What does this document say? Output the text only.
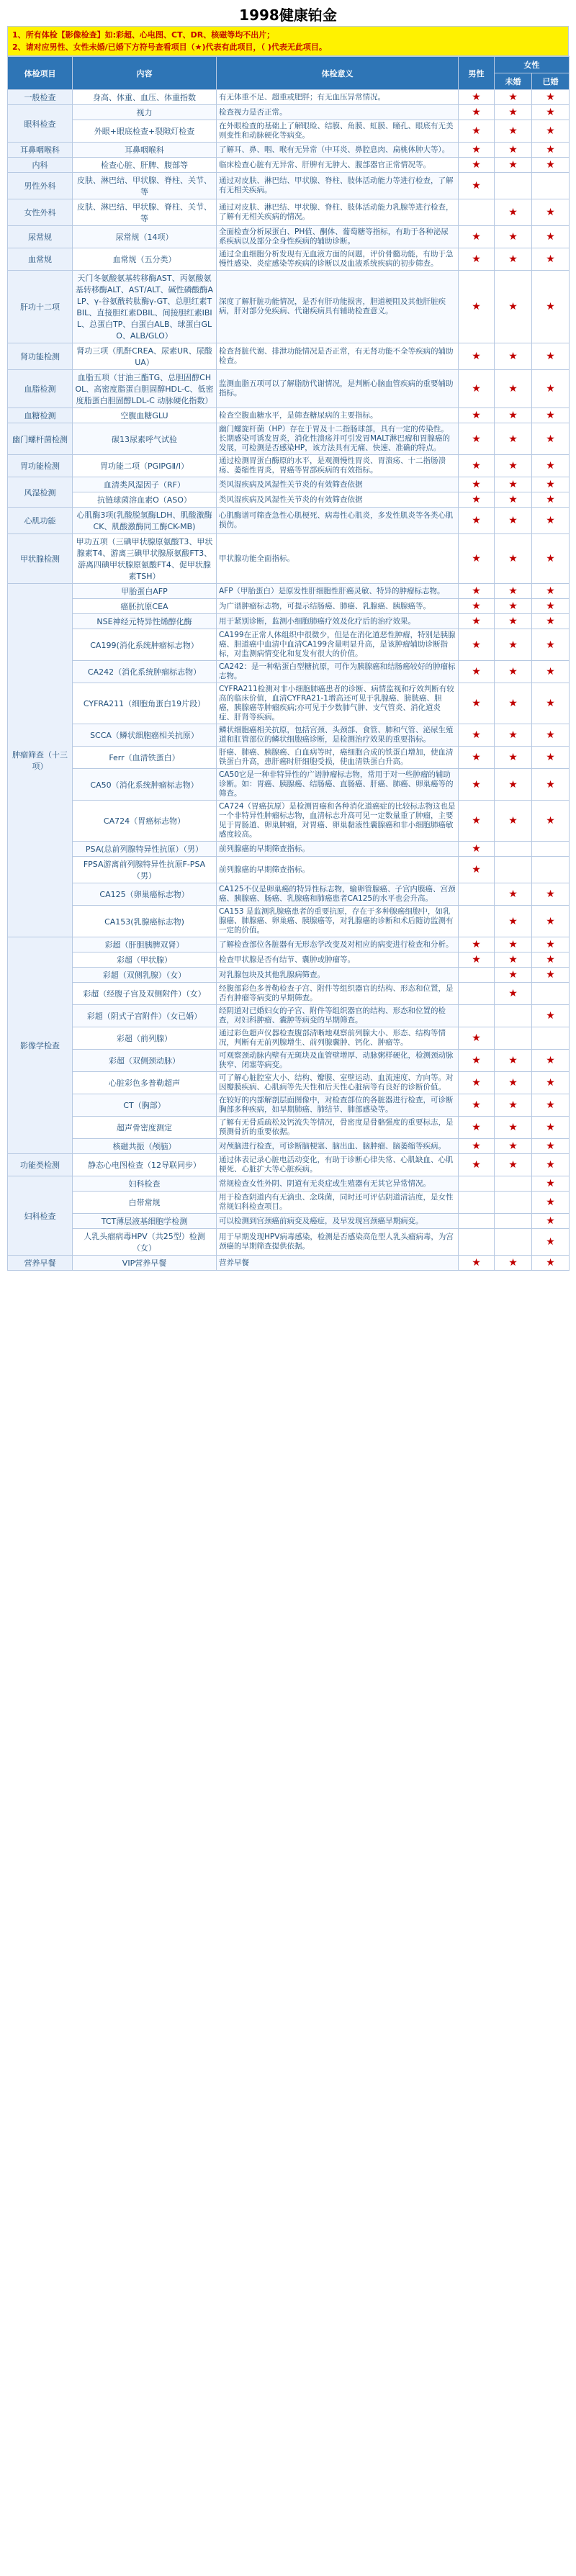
1998健康铂金
1、所有体检【影像检查】如:彩超、心电图、CT、DR、核磁等均不出片；
2、请对应男性、女性未婚/已婚下方符号查看项目（★)代表有此项目，（ )代表无此项目。
体检项目	内容	体检意义	男性	女性	
				未婚	已婚
一般检查	身高、体重、血压、体重指数	有无体重不足、超重或肥胖；有无血压异常情况。	★	★	★
眼科检查	视力	检查视力是否正常。	★	★	★
	外眼+眼底检查+裂隙灯检查	在外眼检查的基础上了解眼睑、结膜、角膜、虹膜、瞳孔、眼底有无美则变性和动脉硬化等病变。	★	★	★
耳鼻咽喉科	耳鼻咽喉科	了解耳、鼻、咽、喉有无异常（中耳炎、鼻腔息肉、扁桃体肿大等）。	★	★	★
内科	检查心脏、肝脾、腹部等	临床检查心脏有无异常、肝脾有无肿大、腹部器官正常情况等。	★	★	★
男性外科	皮肤、淋巴结、甲状腺、脊柱、关节、等	通过对皮肤、淋巴结、甲状腺、脊柱、肢体活动能力等进行检查，了解有无相关疾病。	★		
女性外科	皮肤、淋巴结、甲状腺、脊柱、关节、等	通过对皮肤、淋巴结、甲状腺、脊柱、肢体活动能力乳腺等进行检查，了解有无相关疾病的情况。		★	★
尿常规	尿常规（14项）	全面检查分析尿蛋白、PH值、酮体、葡萄糖等指标，有助于各种泌尿系疾病以及部分全身性疾病的辅助诊断。	★	★	★
血常规	血常规（五分类）	通过全血细胞分析发现有无血液方面的问题，评价骨髓功能，有助于急慢性感染、炎症感染等疾病的诊断以及血液系统疾病的初步筛查。	★	★	★
肝功十二项	天门冬氨酸氨基转移酶AST、丙氨酸氨基转移酶ALT、AST/ALT、碱性磷酸酶ALP、γ-谷氨酰转肽酶γ-GT、总胆红素TBIL、直接胆红素DBIL、间接胆红素IBIL、总蛋白TP、白蛋白ALB、球蛋白GLO、ALB/GLO）	深度了解肝脏功能情况，是否有肝功能损害，胆道梗阻及其他肝脏疾病，肝对部分免疾病、代谢疾病具有辅助检查意义。	★	★	★
肾功能检测	肾功三项（肌酐CREA、尿素UR、尿酸UA）	检查肾脏代谢、排泄功能情况是否正常，有无肾功能不全等疾病的辅助检查。	★	★	★
血脂检测	血脂五项（甘油三酯TG、总胆固醇CHOL、高密度脂蛋白胆固醇HDL-C、低密度脂蛋白胆固醇LDL-C 动脉硬化指数）	监测血脂五项可以了解脂肪代谢情况，是判断心脑血管疾病的重要辅助指标。	★	★	★
血糖检测	空腹血糖GLU	检查空腹血糖水平，是筛查糖尿病的主要指标。	★	★	★
幽门螺杆菌检测	碳13尿素呼气试验	幽门螺旋杆菌（HP）存在于胃及十二指肠球部，具有一定的传染性。长期感染可诱发胃炎，消化性溃疡并可引发胃MALT淋巴瘤和胃腺癌的发展，可检测是否感染HP，该方法具有无痛、快速、准确的特点。	★	★	★
胃功能检测	胃功能二项（PGⅠPGⅡ/Ⅰ）	通过检测胃蛋白酶原的水平，是观测慢性胃炎、胃溃疡、十二指肠溃疡、萎缩性胃炎，胃癌等胃部疾病的有效指标。	★	★	★
风湿检测	血清类风湿因子（RF）	类风湿疾病及风湿性关节炎的有效筛查依据	★	★	★
	抗链球菌溶血素O（ASO）	类风湿疾病及风湿性关节炎的有效筛查依据	★	★	★
心肌功能	心肌酶3项(乳酸脱氢酶LDH、肌酸激酶CK、肌酸激酶同工酶CK-MB)	心肌酶谱可筛查急性心肌梗死、病毒性心肌炎，多发性肌炎等各类心肌损伤。	★	★	★
甲状腺检测	甲功五项（三碘甲状腺原氨酸T3、甲状腺素T4、游离三碘甲状腺原氨酸FT3、游离四碘甲状腺原氨酸FT4、促甲状腺素TSH）	甲状腺功能全面指标。	★	★	★
肿瘤筛查（十三项）	甲胎蛋白AFP	AFP（甲胎蛋白）是原发性肝细胞性肝癌灵敏、特异的肿瘤标志物。	★	★	★
	癌胚抗原CEA	为广谱肿瘤标志物，可提示结肠癌、肺癌、乳腺癌、胰腺癌等。	★	★	★
	NSE神经元特异性烯醇化酶	用于紧别诊断，监测小细胞肺癌疗效及化疗后的治疗效果。	★	★	★
	CA199(消化系统肿瘤标志物）	CA199在正常人体组织中很微少，但是在消化道恶性肿瘤，特别是胰腺癌、胆道癌中血清中血清CA199含量明显升高，是该肿瘤辅助诊断指标，对监测病情变化和复发有很大的价值。	★	★	★
	CA242（消化系统肿瘤标志物）	CA242：是一种粘蛋白型糖抗原，可作为胰腺癌和结肠癌较好的肿瘤标志物。	★	★	★
	CYFRA211（细胞角蛋白19片段）	CYFRA211检测对非小细胞肺癌患者的诊断、病情监视和疗效判断有较高的临床价值，血清CYFRA21-1增高还可见于乳腺癌、膀胱癌、胆癌，胰腺癌等肿瘤疾病;亦可见于少数肺气肿、支气管炎、消化道炎症、肝肾等疾病。	★	★	★
	SCCA（鳞状细胞癌相关抗原）	鳞状细胞癌相关抗原，包括宫颈、头颈部、食管、肺和气管、泌尿生殖道和肛管部位的鳞状细胞癌诊断，是检测治疗效果的重要指标。	★	★	★
	Ferr（血清铁蛋白）	肝癌、肺癌、胰腺癌、白血病等时，癌细胞合成的铁蛋白增加，使血清铁蛋白升高，患肝癌时肝细胞受损，使血清铁蛋白升高。	★	★	★
	CA50（消化系统肿瘤标志物）	CA50它是一种非特异性的广谱肿瘤标志物，常用于对一些肿瘤的辅助诊断。如：胃癌、胰腺癌、结肠癌、直肠癌、肝癌、肺癌、卵巢癌等的筛查。	★	★	★
	CA724（胃癌标志物）	CA724（胃癌抗原）是检测胃癌和各种消化道癌症的比较标志物这也是一个非特异性肿瘤标志物，血清标志升高可见一定数量重了肿瘤，主要见于胃肠道、卵巢肿瘤，对胃癌、卵巢黏液性囊腺癌和非小细胞肺癌敏感度较高。	★	★	★
	PSA(总前列腺特异性抗原）（男）	前列腺癌的早期筛查指标。	★		
	FPSA游离前列腺特异性抗原F-PSA（男）	前列腺癌的早期筛查指标。	★		
	CA125（卵巢癌标志物）	CA125不仅是卵巢癌的特异性标志物，输卵管腺癌、子宫内膜癌、宫颈癌、胰腺癌、肠癌、乳腺癌和肺癌患者CA125的水平也会升高。		★	★
	CA153(乳腺癌标志物)	CA153 是监测乳腺癌患者的重要抗原，存在于多种腺癌细胞中，如乳腺癌、肺腺癌、卵巢癌、胰腺癌等，对乳腺癌的诊断和术后随访监测有一定的价值。		★	★
影像学检查	彩超（肝胆胰脾双肾）	了解检查部位各脏器有无形态学改变及对相应的病变进行检查和分析。	★	★	★
	彩超（甲状腺）	检查甲状腺是否有结节、囊肿或肿瘤等。	★	★	★
	彩超（双侧乳腺）（女）	对乳腺包块及其他乳腺病筛查。		★	★
	彩超（经腹子宫及双侧附件）（女）	经腹部彩色多普勒检查子宫、附件等组织器官的结构、形态和位置，是否有肿瘤等病变的早期筛查。		★	
	彩超（阴式子宫附件）（女已婚）	经阴道对已婚妇女的子宫、附件等组织器官的结构、形态和位置的检查，对妇科肿瘤、囊肿等病变的早期筛查。			★
	彩超（前列腺）	通过彩色超声仪器检查腹部清晰地观察前列腺大小、形态、结构等情况，判断有无前列腺增生、前列腺囊肿、钙化、肿瘤等。	★		
	彩超（双侧颈动脉）	可观察颈动脉内壁有无斑块及血管壁增厚、动脉粥样硬化，检测颈动脉狭窄、闭塞等病变。	★	★	★
	心脏彩色多普勒超声	可了解心脏腔室大小、结构、瓣膜、室壁运动、血流速度、方向等。对因瓣膜疾病、心肌病等先天性和后天性心脏病等有良好的诊断价值。	★	★	★
	CT（胸部）	在较好的内部解剖层面图像中，对检查部位的各脏器进行检查，可诊断胸部多种疾病，如早期肺癌、肺结节、肺部感染等。	★	★	★
	超声骨密度测定	了解有无骨质疏松及钙流失等情况，骨密度是骨骼强度的重要标志，是预测骨折的重要依据。	★	★	★
	核磁共振（颅脑）	对颅脑进行检查，可诊断脑梗塞、脑出血、脑肿瘤、脑萎缩等疾病。	★	★	★
功能类检测	静态心电图检查（12导联同步）	通过体表记录心脏电活动变化，有助于诊断心律失常、心肌缺血、心肌梗死、心脏扩大等心脏疾病。	★	★	★
妇科检查	妇科检查	常规检查女性外阴、阴道有无炎症或生殖器有无其它异常情况。			★
	白带常规	用于检查阴道内有无滴虫、念珠菌，同时还可评估阴道清洁度，是女性常规妇科检查项目。			★
	TCT薄层液基细胞学检测	可以检测到宫颈癌前病变及癌症，及早发现宫颈癌早期病变。			★
	人乳头瘤病毒HPV（共25型）检测（女）	用于早期发现HPV病毒感染，检测是否感染高危型人乳头瘤病毒，为宫颈癌的早期筛查提供依据。			★
营养早餐	VIP营养早餐	营养早餐	★	★	★
